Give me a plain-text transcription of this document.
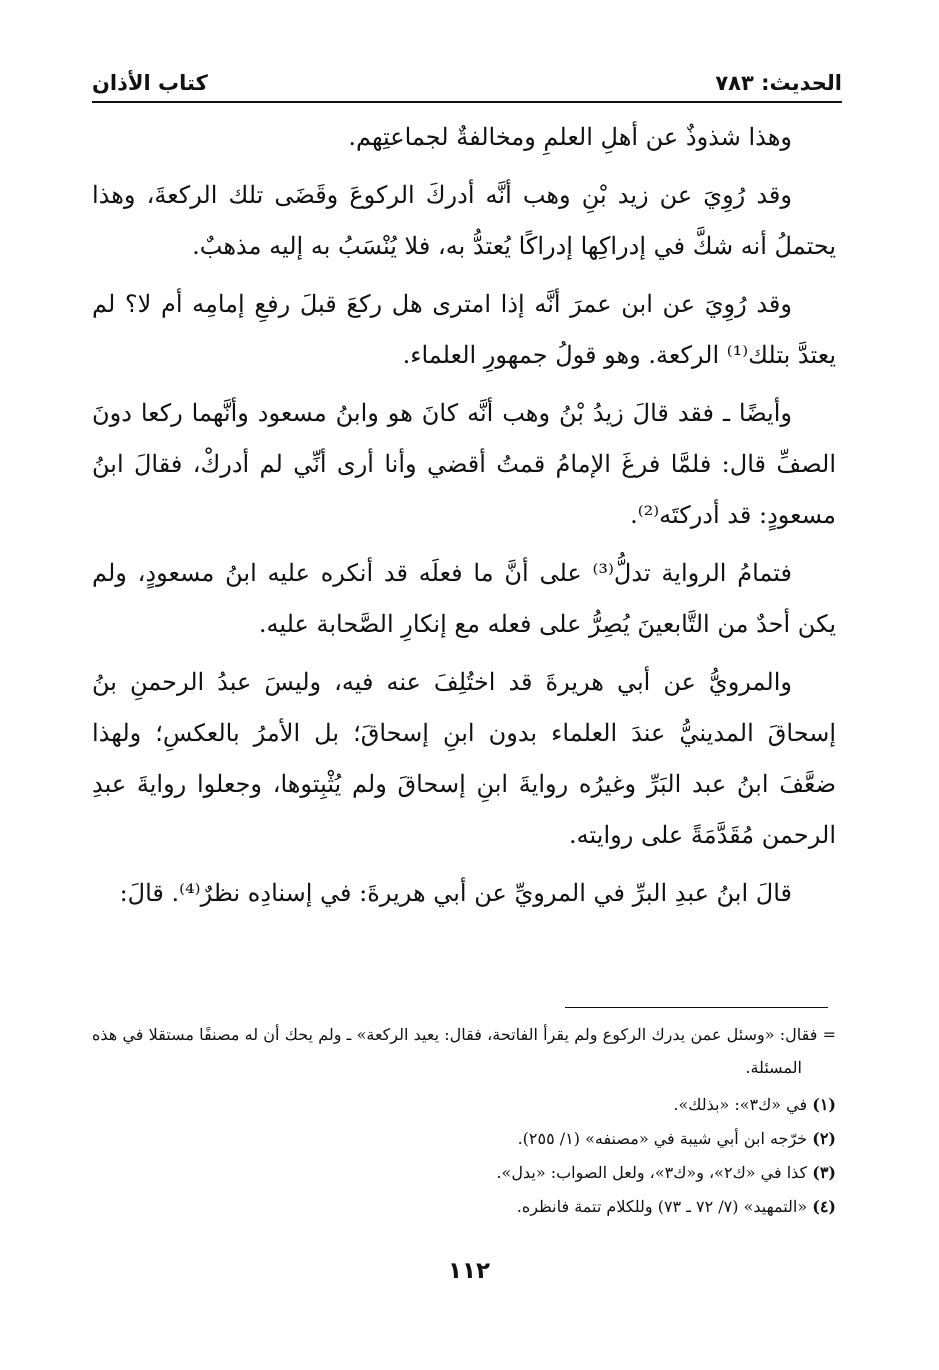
الحديث: ٧٨٣
كتاب الأذان

وهذا شذوذٌ عن أهلِ العلمِ ومخالفةٌ لجماعتِهم.

وقد رُوِيَ عن زيد بْنِ وهب أنَّه أدركَ الركوعَ وقَضَى تلك الركعةَ، وهذا يحتملُ أنه شكَّ في إدراكِها إدراكًا يُعتدُّ به، فلا يُنْسَبُ به إليه مذهبٌ.

وقد رُوِيَ عن ابن عمرَ أنَّه إذا امترى هل ركعَ قبلَ رفعِ إمامِه أم لا؟ لم يعتدَّ بتلك⁽¹⁾ الركعة. وهو قولُ جمهورِ العلماء.

وأيضًا ـ فقد قالَ زيدُ بْنُ وهب أنَّه كانَ هو وابنُ مسعود وأنَّهما ركعا دونَ الصفِّ قال: فلمَّا فرغَ الإمامُ قمتُ أقضي وأنا أرى أنِّي لم أدركْ، فقالَ ابنُ مسعودٍ: قد أدركتَه⁽²⁾.

فتمامُ الرواية تدلُّ⁽³⁾ على أنَّ ما فعلَه قد أنكره عليه ابنُ مسعودٍ، ولم يكن أحدٌ من التَّابعينَ يُصِرُّ على فعله مع إنكارِ الصَّحابة عليه.

والمرويُّ عن أبي هريرةَ قد اختُلِفَ عنه فيه، وليسَ عبدُ الرحمنِ بنُ إسحاقَ المدينيُّ عندَ العلماء بدون ابنِ إسحاقَ؛ بل الأمرُ بالعكسِ؛ ولهذا ضعَّفَ ابنُ عبد البَرِّ وغيرُه روايةَ ابنِ إسحاقَ ولم يُثْبِتوها، وجعلوا روايةَ عبدِ الرحمن مُقَدَّمَةً على روايته.

قالَ ابنُ عبدِ البرِّ في المرويِّ عن أبي هريرةَ: في إسنادِه نظرٌ⁽⁴⁾. قالَ:

= فقال: «وسئل عمن يدرك الركوع ولم يقرأ الفاتحة، فقال: يعيد الركعة» ـ ولم يحك أن له مصنفًا مستقلا في هذه المسئلة.
(١) في «ك٣»: «بذلك».
(٢) خرّجه ابن أبي شيبة في «مصنفه» (١/ ٢٥٥).
(٣) كذا في «ك٢»، و«ك٣»، ولعل الصواب: «يدل».
(٤) «التمهيد» (٧/ ٧٢ ـ ٧٣) وللكلام تتمة فانظره.
١١٢
